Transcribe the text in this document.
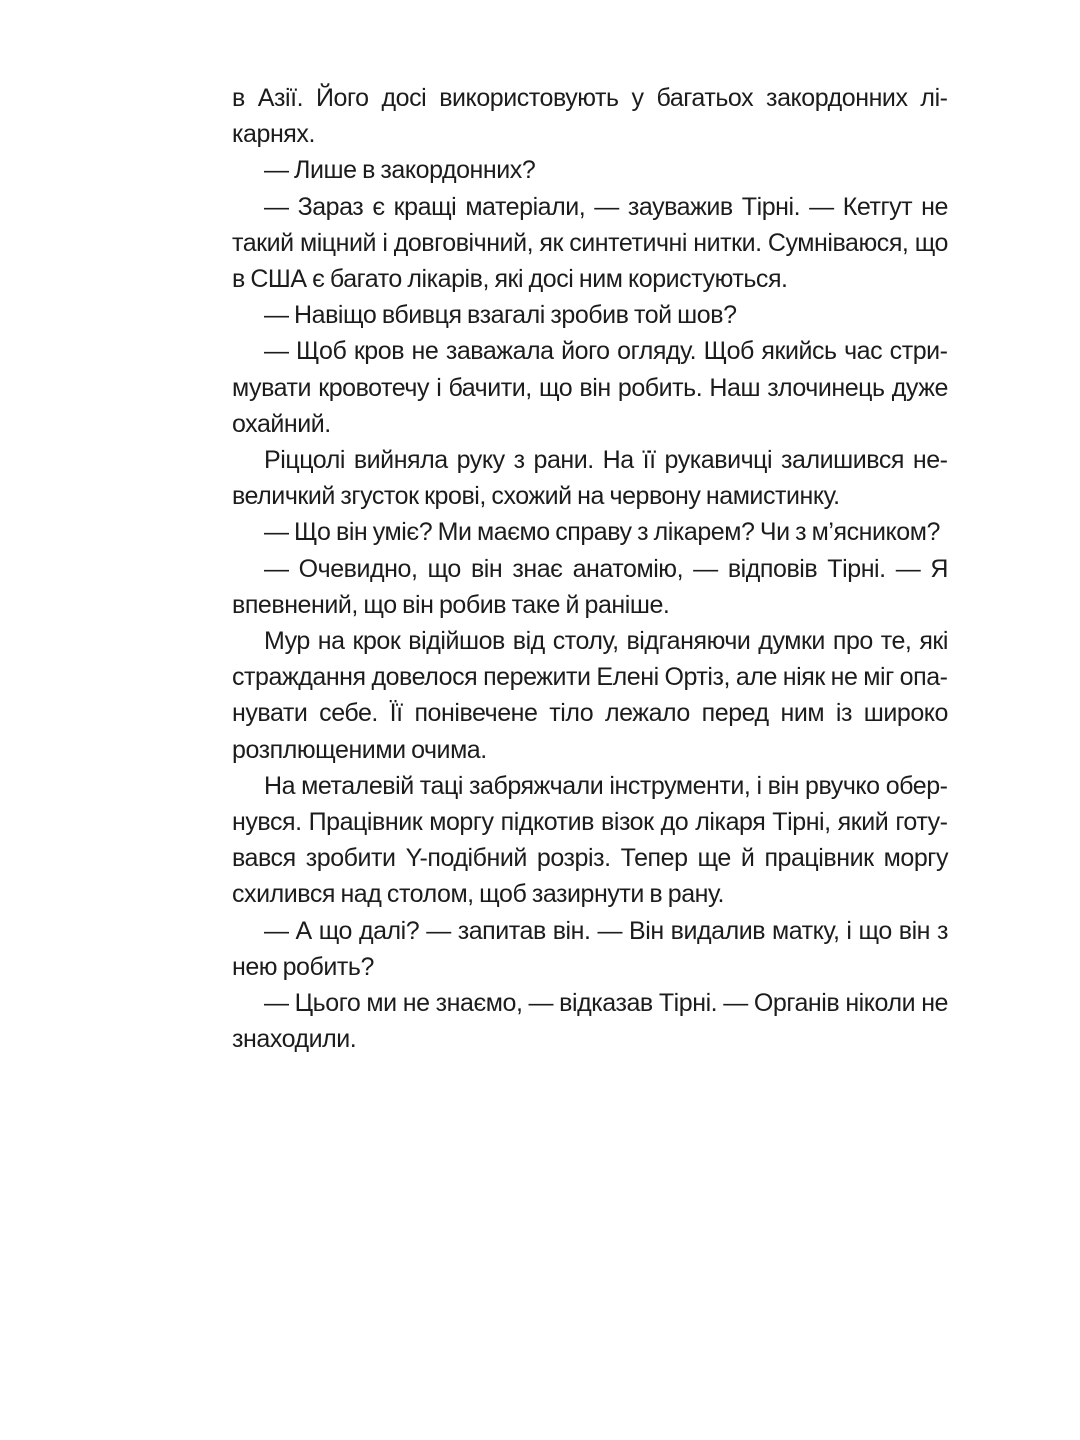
в Азії. Його досі використовують у багатьох закордонних лікарнях.

— Лише в закордонних?

— Зараз є кращі матеріали, — зауважив Тірні. — Кетгут не такий міцний і довговічний, як синтетичні нитки. Сумніваюся, що в США є багато лікарів, які досі ним користуються.

— Навіщо вбивця взагалі зробив той шов?

— Щоб кров не заважала його огляду. Щоб якийсь час стримувати кровотечу і бачити, що він робить. Наш злочинець дуже охайний.

Ріццолі вийняла руку з рани. На її рукавичці залишився невеличкий згусток крові, схожий на червону намистинку.

— Що він уміє? Ми маємо справу з лікарем? Чи з м’ясником?

— Очевидно, що він знає анатомію, — відповів Тірні. — Я впевнений, що він робив таке й раніше.

Мур на крок відійшов від столу, відганяючи думки про те, які страждання довелося пережити Елені Ортіз, але ніяк не міг опанувати себе. Її понівечене тіло лежало перед ним із широко розплющеними очима.

На металевій таці забряжчали інструменти, і він рвучко обернувся. Працівник моргу підкотив візок до лікаря Тірні, який готувався зробити Y-подібний розріз. Тепер ще й працівник моргу схилився над столом, щоб зазирнути в рану.

— А що далі? — запитав він. — Він видалив матку, і що він з нею робить?

— Цього ми не знаємо, — відказав Тірні. — Органів ніколи не знаходили.
